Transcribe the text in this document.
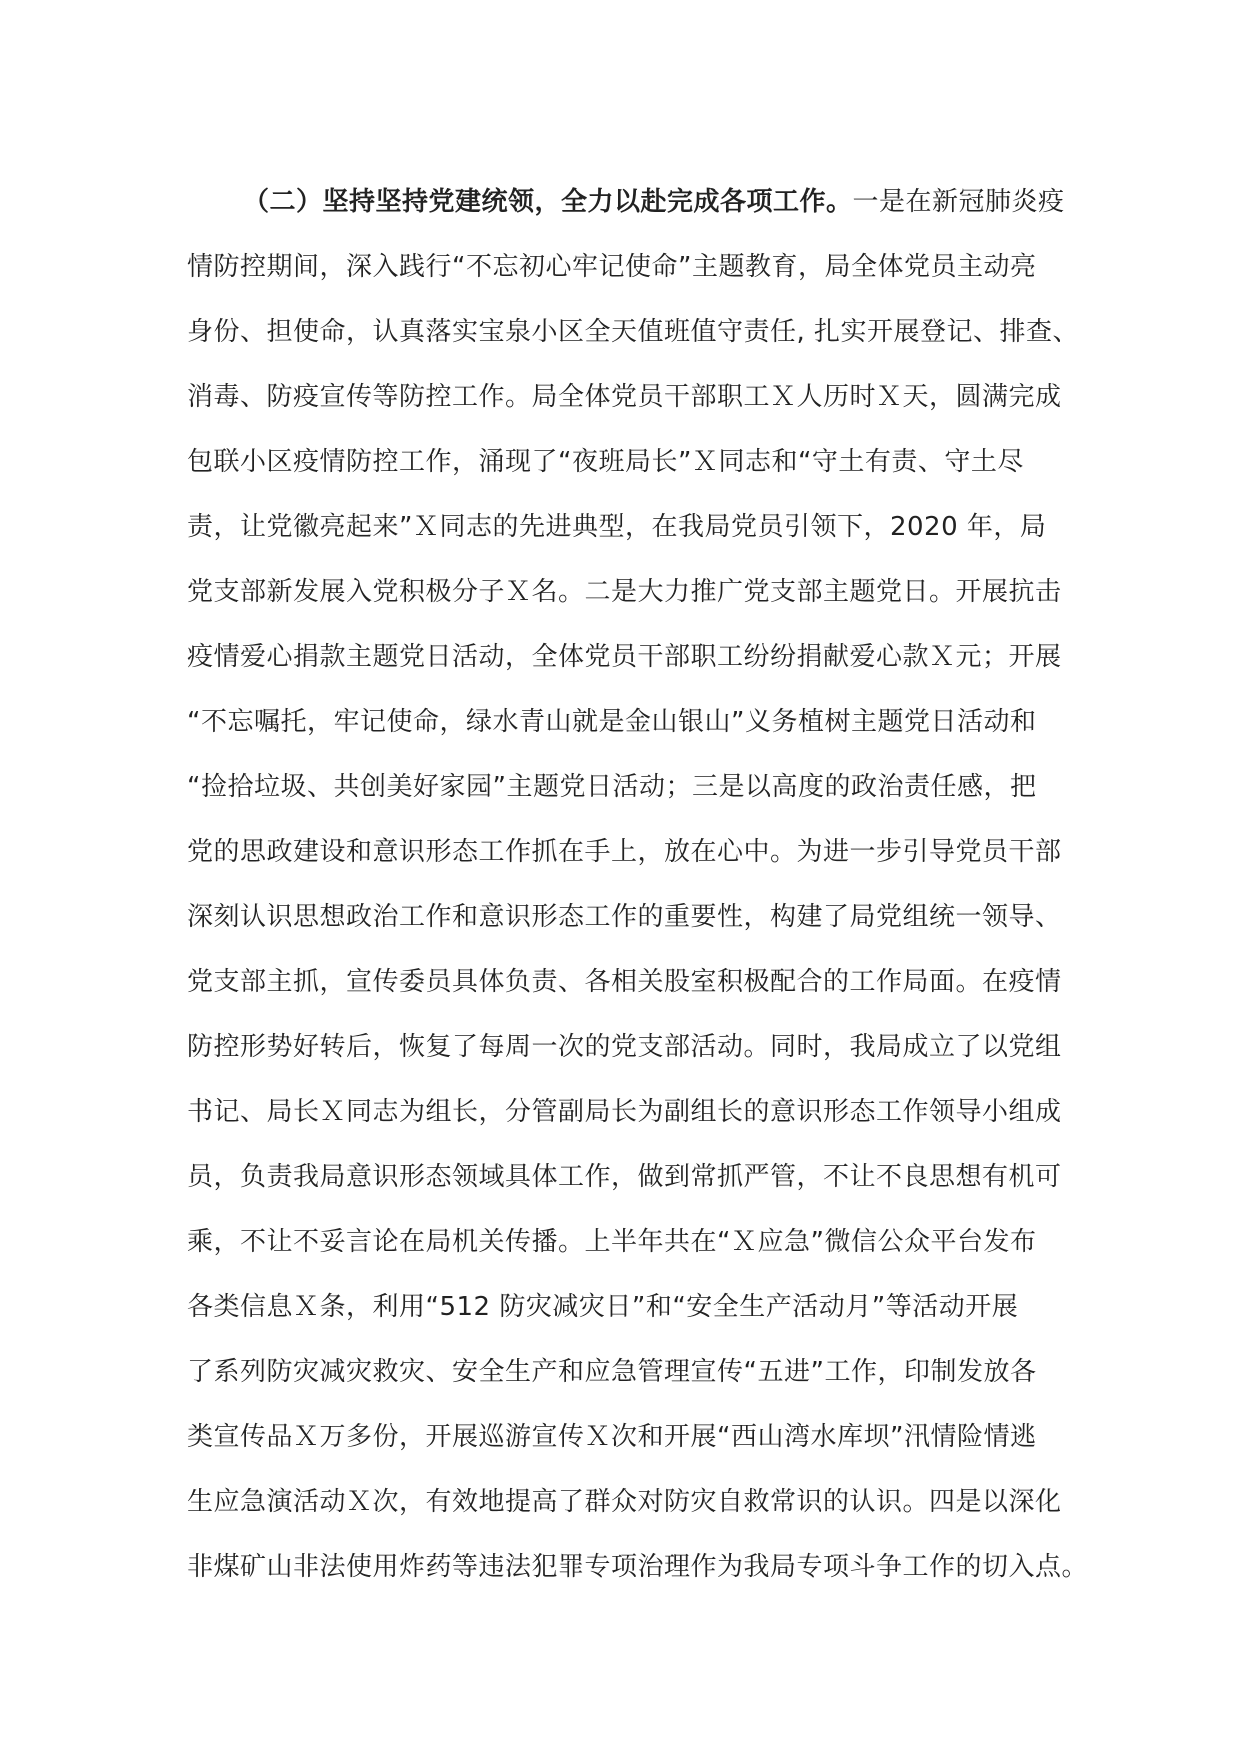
（二）坚持坚持党建统领，全力以赴完成各项工作。一是在新冠肺炎疫
情防控期间，深入践行“不忘初心牢记使命”主题教育，局全体党员主动亮
身份、担使命，认真落实宝泉小区全天值班值守责任, 扎实开展登记、排查、
消毒、防疫宣传等防控工作。局全体党员干部职工Ｘ人历时Ｘ天，圆满完成
包联小区疫情防控工作，涌现了“夜班局长”Ｘ同志和“守土有责、守土尽
责，让党徽亮起来”Ｘ同志的先进典型，在我局党员引领下，2020 年，局
党支部新发展入党积极分子Ｘ名。二是大力推广党支部主题党日。开展抗击
疫情爱心捐款主题党日活动，全体党员干部职工纷纷捐献爱心款Ｘ元；开展
“不忘嘱托，牢记使命，绿水青山就是金山银山”义务植树主题党日活动和
“捡拾垃圾、共创美好家园”主题党日活动；三是以高度的政治责任感，把
党的思政建设和意识形态工作抓在手上，放在心中。为进一步引导党员干部
深刻认识思想政治工作和意识形态工作的重要性，构建了局党组统一领导、
党支部主抓，宣传委员具体负责、各相关股室积极配合的工作局面。在疫情
防控形势好转后，恢复了每周一次的党支部活动。同时，我局成立了以党组
书记、局长Ｘ同志为组长，分管副局长为副组长的意识形态工作领导小组成
员，负责我局意识形态领域具体工作，做到常抓严管，不让不良思想有机可
乘，不让不妥言论在局机关传播。上半年共在“Ｘ应急”微信公众平台发布
各类信息Ｘ条，利用“512 防灾减灾日”和“安全生产活动月”等活动开展
了系列防灾减灾救灾、安全生产和应急管理宣传“五进”工作，印制发放各
类宣传品Ｘ万多份，开展巡游宣传Ｘ次和开展“西山湾水库坝”汛情险情逃
生应急演活动Ｘ次，有效地提高了群众对防灾自救常识的认识。四是以深化
非煤矿山非法使用炸药等违法犯罪专项治理作为我局专项斗争工作的切入点。
